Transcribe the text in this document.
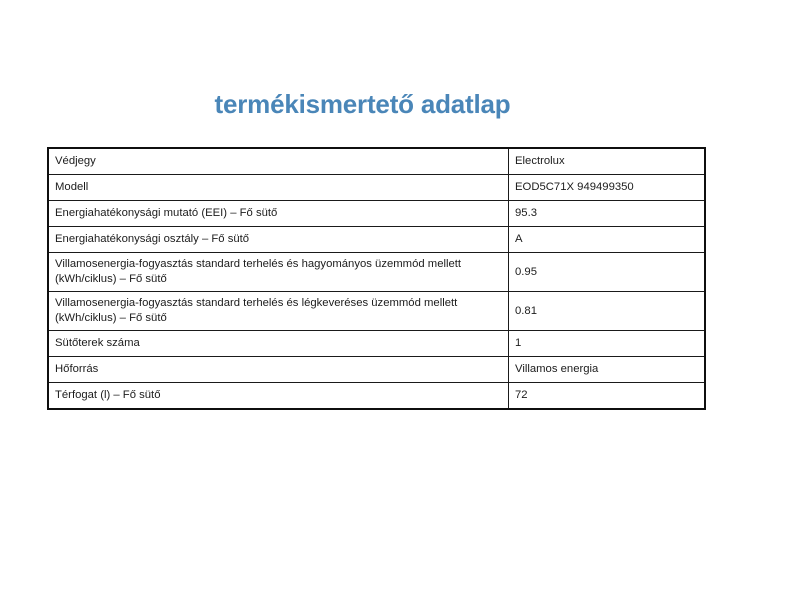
termékismertető adatlap
Védjegy	Electrolux

Modell	EOD5C71X 949499350

Energiahatékonysági mutató (EEI) – Fő sütő	95.3

Energiahatékonysági osztály – Fő sütő	A

Villamosenergia-fogyasztás standard terhelés és hagyományos üzemmód mellett (kWh/ciklus) – Fő sütő	0.95

Villamosenergia-fogyasztás standard terhelés és légkeveréses üzemmód mellett (kWh/ciklus) – Fő sütő	0.81

Sütőterek száma	1

Hőforrás	Villamos energia

Térfogat (l) – Fő sütő	72
